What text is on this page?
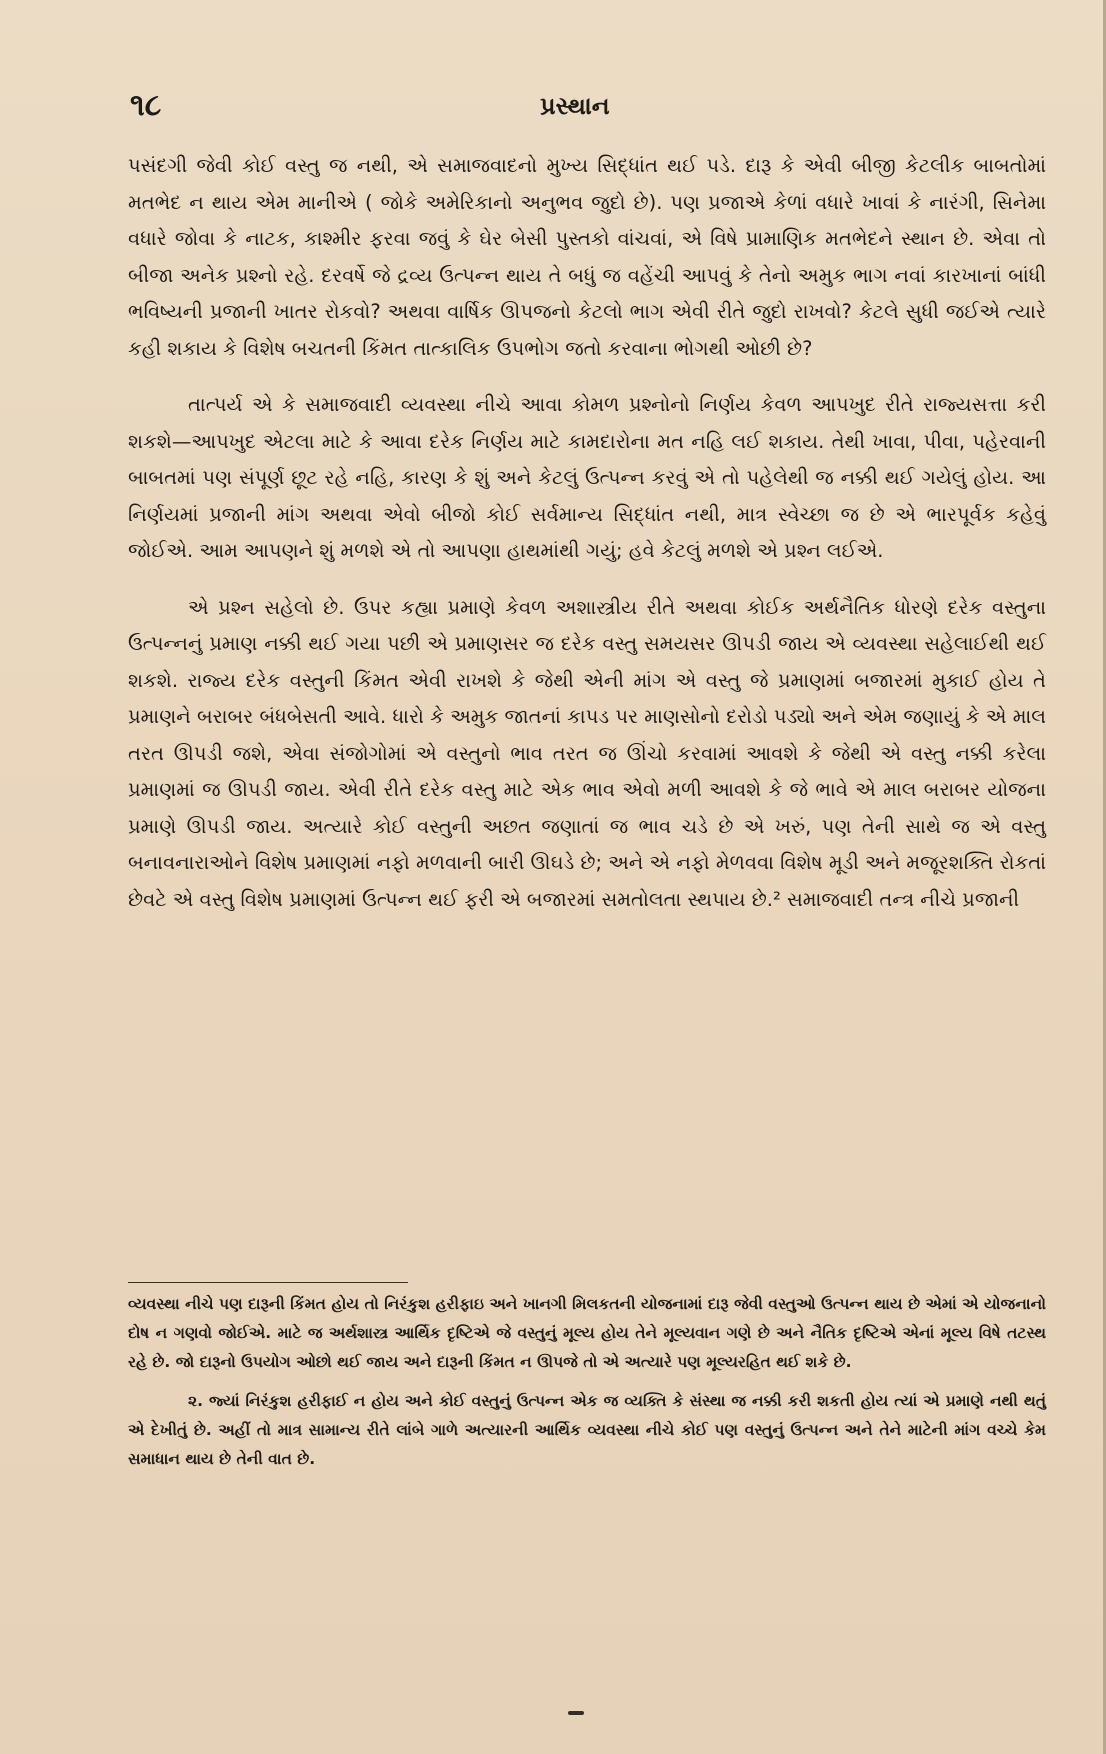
૧૮	પ્રસ્થાન

પસંદગી જેવી કોઈ વસ્તુ જ નથી, એ સમાજવાદનો મુખ્ય સિદ્ધાંત થઈ પડે. દારૂ કે એવી બીજી કેટલીક બાબતોમાં મતભેદ ન થાય એમ માનીએ ( જોકે અમેરિકાનો અનુભવ જુદો છે). પણ પ્રજાએ કેળાં વધારે ખાવાં કે નારંગી, સિનેમા વધારે જોવા કે નાટક, કાશ્મીર ફરવા જવું કે ઘેર બેસી પુસ્તકો વાંચવાં, એ વિષે પ્રામાણિક મતભેદને સ્થાન છે. એવા તો બીજા અનેક પ્રશ્નો રહે. દરવર્ષે જે દ્રવ્ય ઉત્પન્ન થાય તે બધું જ વહેંચી આપવું કે તેનો અમુક ભાગ નવાં કારખાનાં બાંધી ભવિષ્યની પ્રજાની ખાતર રોકવો? અથવા વાર્ષિક ઊપજનો કેટલો ભાગ એવી રીતે જુદો રાખવો? કેટલે સુધી જઈએ ત્યારે કહી શકાય કે વિશેષ બચતની કિંમત તાત્કાલિક ઉપભોગ જતો કરવાના ભોગથી ઓછી છે?

તાત્પર્ય એ કે સમાજવાદી વ્યવસ્થા નીચે આવા કોમળ પ્રશ્નોનો નિર્ણય કેવળ આપખુદ રીતે રાજ્યસત્તા કરી શકશે—આપખુદ એટલા માટે કે આવા દરેક નિર્ણય માટે કામદારોના મત નહિ લઈ શકાય. તેથી ખાવા, પીવા, પહેરવાની બાબતમાં પણ સંપૂર્ણ છૂટ રહે નહિ, કારણ કે શું અને કેટલું ઉત્પન્ન કરવું એ તો પહેલેથી જ નક્કી થઈ ગયેલું હોય. આ નિર્ણયમાં પ્રજાની માંગ અથવા એવો બીજો કોઈ સર્વમાન્ય સિદ્ધાંત નથી, માત્ર સ્વેચ્છા જ છે એ ભારપૂર્વક કહેવું જોઈએ. આમ આપણને શું મળશે એ તો આપણા હાથમાંથી ગયું; હવે કેટલું મળશે એ પ્રશ્ન લઈએ.

એ પ્રશ્ન સહેલો છે. ઉપર કહ્યા પ્રમાણે કેવળ અશાસ્ત્રીય રીતે અથવા કોઈક અર્થનૈતિક ધોરણે દરેક વસ્તુના ઉત્પન્નનું પ્રમાણ નક્કી થઈ ગયા પછી એ પ્રમાણસર જ દરેક વસ્તુ સમયસર ઊપડી જાય એ વ્યવસ્થા સહેલાઈથી થઈ શકશે. રાજ્ય દરેક વસ્તુની કિંમત એવી રાખશે કે જેથી એની માંગ એ વસ્તુ જે પ્રમાણમાં બજારમાં મુકાઈ હોય તે પ્રમાણને બરાબર બંધબેસતી આવે. ધારો કે અમુક જાતનાં કાપડ પર માણસોનો દરોડો પડ્યો અને એમ જણાયું કે એ માલ તરત ઊપડી જશે, એવા સંજોગોમાં એ વસ્તુનો ભાવ તરત જ ઊંચો કરવામાં આવશે કે જેથી એ વસ્તુ નક્કી કરેલા પ્રમાણમાં જ ઊપડી જાય. એવી રીતે દરેક વસ્તુ માટે એક ભાવ એવો મળી આવશે કે જે ભાવે એ માલ બરાબર યોજના પ્રમાણે ઊપડી જાય. અત્યારે કોઈ વસ્તુની અછત જણાતાં જ ભાવ ચડે છે એ ખરું, પણ તેની સાથે જ એ વસ્તુ બનાવનારાઓને વિશેષ પ્રમાણમાં નફો મળવાની બારી ઊઘડે છે; અને એ નફો મેળવવા વિશેષ મૂડી અને મજૂરશક્તિ રોકતાં છેવટે એ વસ્તુ વિશેષ પ્રમાણમાં ઉત્પન્ન થઈ ફરી એ બજારમાં સમતોલતા સ્થપાય છે.² સમાજવાદી તન્ત્ર નીચે પ્રજાની

વ્યવસ્થા નીચે પણ દારૂની કિંમત હોય તો નિરંકુશ હરીફાઇ અને ખાનગી મિલકતની યોજનામાં દારૂ જેવી વસ્તુઓ ઉત્પન્ન થાય છે એમાં એ યોજનાનો દોષ ન ગણવો જોઈએ. માટે જ અર્થશાસ્ત્ર આર્થિક દૃષ્ટિએ જે વસ્તુનું મૂલ્ય હોય તેને મૂલ્યવાન ગણે છે અને નૈતિક દૃષ્ટિએ એનાં મૂલ્ય વિષે તટસ્થ રહે છે. જો દારૂનો ઉપયોગ ઓછો થઈ જાય અને દારૂની કિંમત ન ઊપજે તો એ અત્યારે પણ મૂલ્યરહિત થઈ શકે છે.

૨. જ્યાં નિરંકુશ હરીફાઈ ન હોય અને કોઈ વસ્તુનું ઉત્પન્ન એક જ વ્યક્તિ કે સંસ્થા જ નક્કી કરી શકતી હોય ત્યાં એ પ્રમાણે નથી થતું એ દેખીતું છે. અહીં તો માત્ર સામાન્ય રીતે લાંબે ગાળે અત્યારની આર્થિક વ્યવસ્થા નીચે કોઈ પણ વસ્તુનું ઉત્પન્ન અને તેને માટેની માંગ વચ્ચે કેમ સમાધાન થાય છે તેની વાત છે.
